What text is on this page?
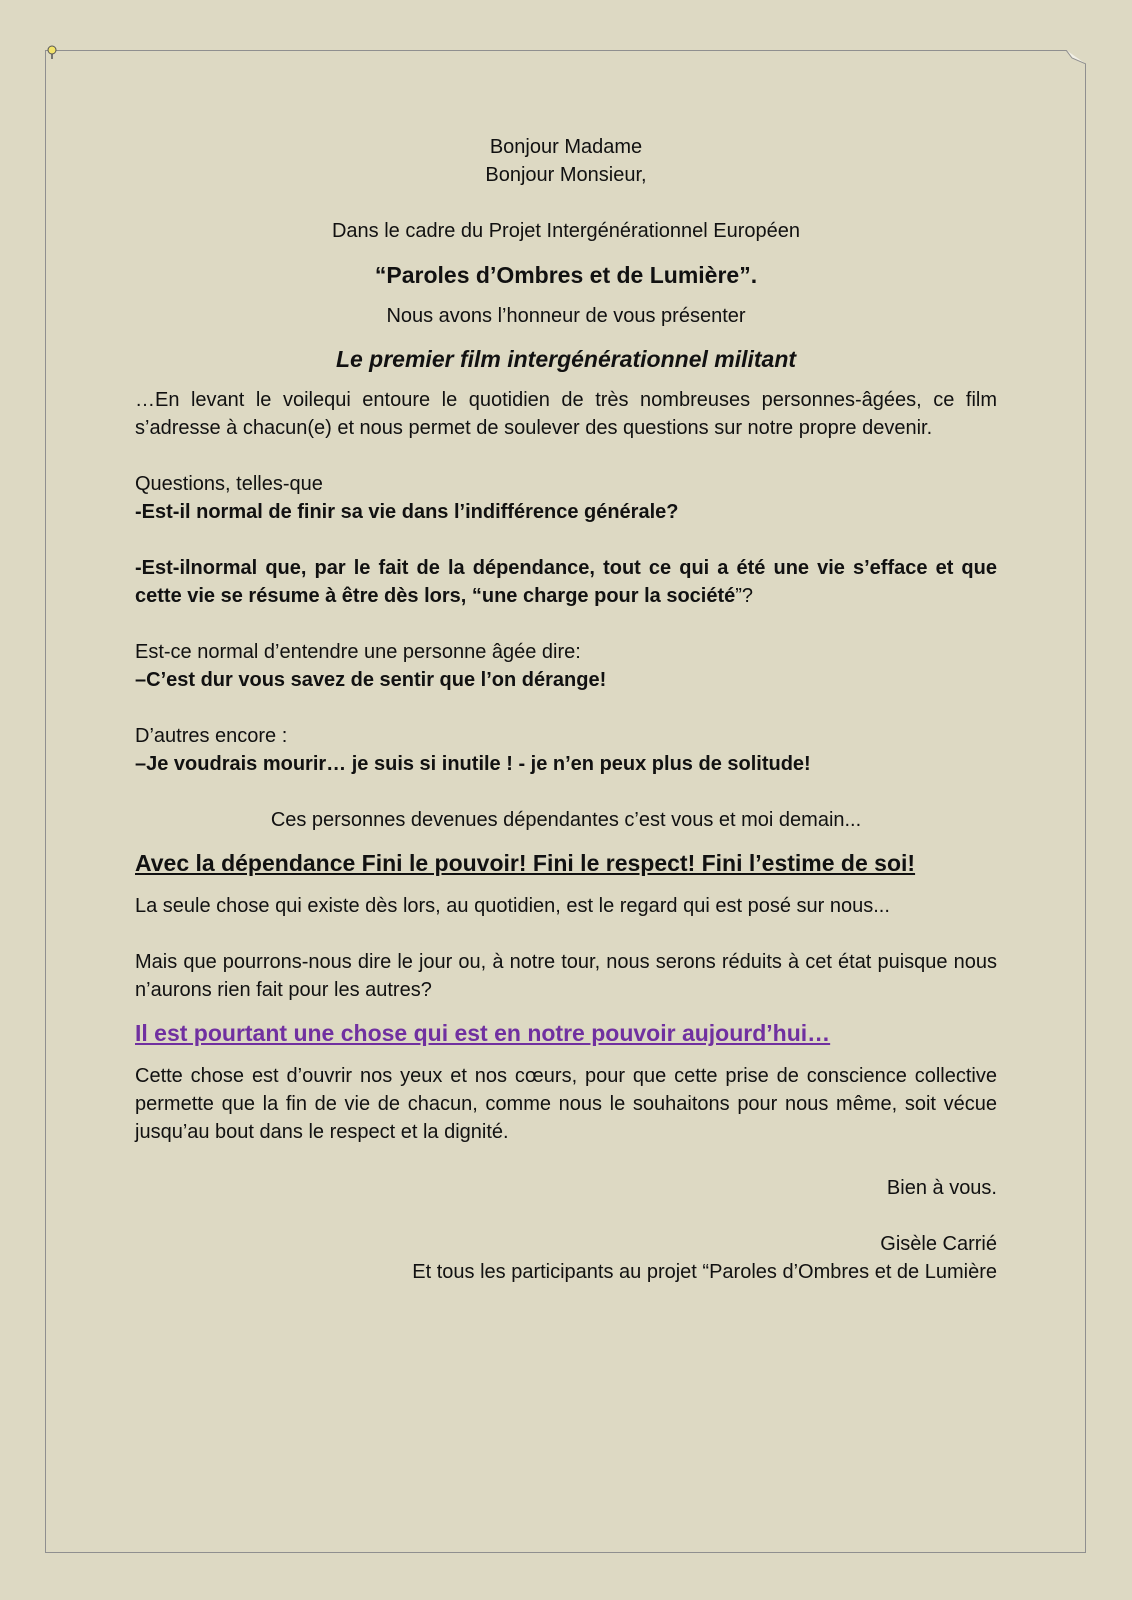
Bonjour Madame

Bonjour Monsieur,

Dans le cadre du Projet Intergénérationnel Européen

“Paroles d’Ombres et de Lumière”.

Nous avons l’honneur de vous présenter

Le premier film intergénérationnel militant

…En levant le voilequi entoure le quotidien de très nombreuses personnes-âgées, ce film s’adresse à chacun(e) et nous permet de soulever des questions sur notre propre devenir.

Questions, telles-que

-Est-il normal de finir sa vie dans l’indifférence générale?

-Est-ilnormal que, par le fait de la dépendance, tout ce qui a été une vie s’efface et que cette vie se résume à être dès lors, “une charge pour la société”?

Est-ce normal d’entendre une personne âgée dire:

–C’est dur vous savez de sentir que l’on dérange!

D’autres encore :

–Je voudrais mourir… je suis si inutile ! - je n’en peux plus de solitude!

Ces personnes devenues dépendantes c’est vous et moi demain...

Avec la dépendance Fini le pouvoir! Fini le respect! Fini l’estime de soi!

La seule chose qui existe dès lors, au quotidien, est le regard qui est posé sur nous...

Mais que pourrons-nous dire le jour ou, à notre tour, nous serons réduits à cet état puisque nous n’aurons rien fait pour les autres?

Il est pourtant une chose qui est en notre pouvoir aujourd’hui…

Cette chose est d’ouvrir nos yeux et nos cœurs, pour que cette prise de conscience collective permette que la fin de vie de chacun, comme nous le souhaitons pour nous même, soit vécue jusqu’au bout dans le respect et la dignité.

Bien à vous.

Gisèle Carrié

Et tous les participants au projet “Paroles d’Ombres et de Lumière
